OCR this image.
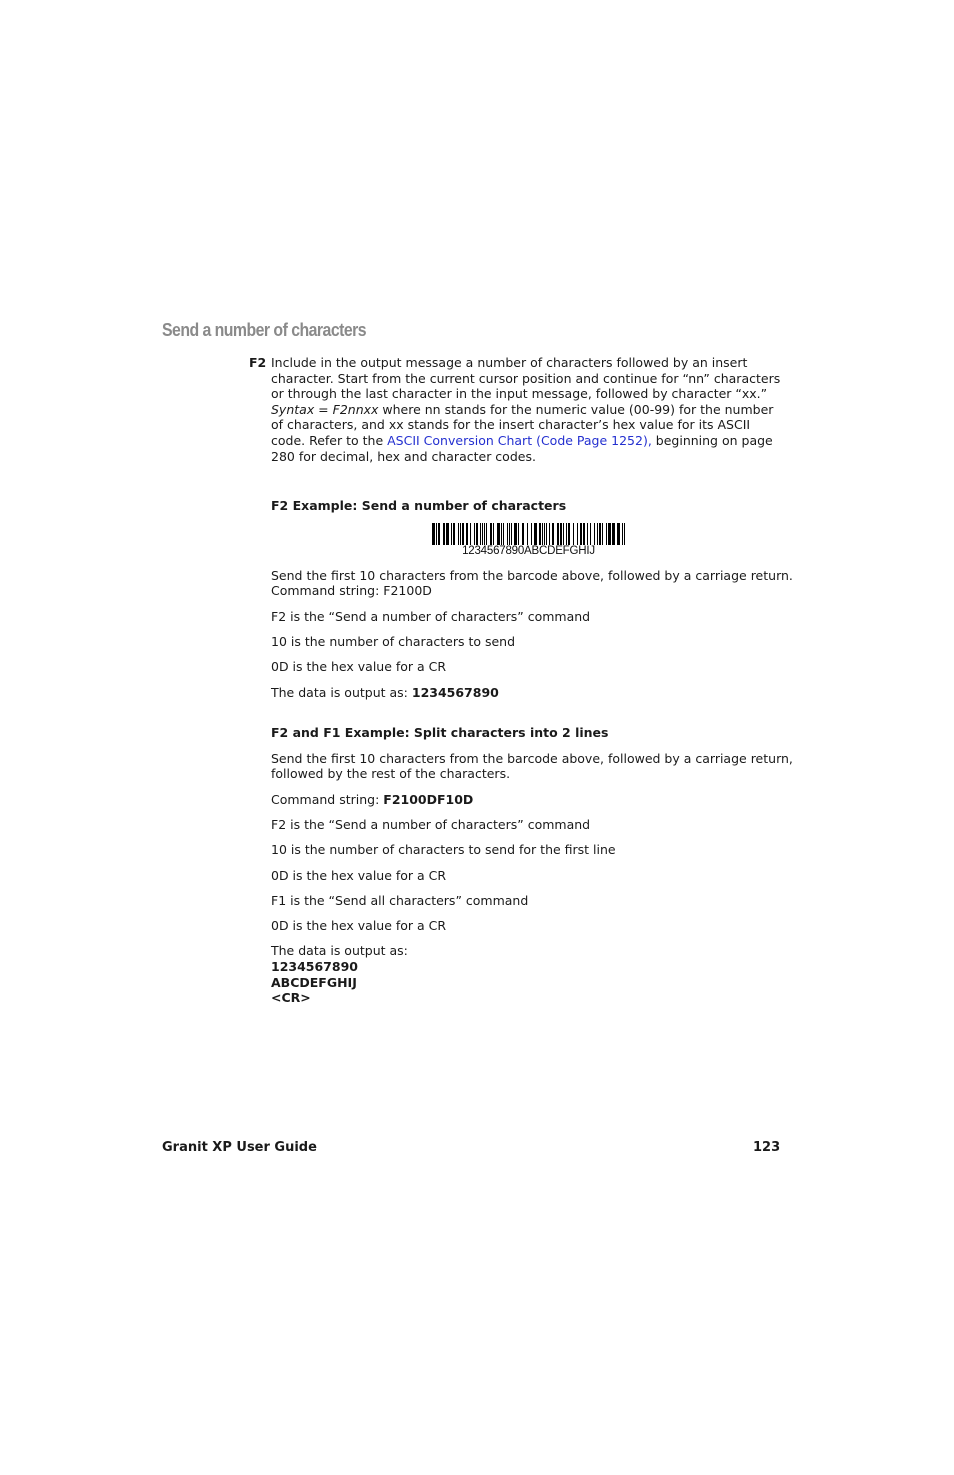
Send a number of characters
F2 Include in the output message a number of characters followed by an insert character. Start from the current cursor position and continue for “nn” characters or through the last character in the input message, followed by character “xx.” Syntax = F2nnxx where nn stands for the numeric value (00-99) for the number of characters, and xx stands for the insert character’s hex value for its ASCII code. Refer to the ASCII Conversion Chart (Code Page 1252), beginning on page 280 for decimal, hex and character codes.
F2 Example: Send a number of characters
1234567890ABCDEFGHIJ
Send the first 10 characters from the barcode above, followed by a carriage return.
Command string: F2100D
F2 is the “Send a number of characters” command
10 is the number of characters to send
0D is the hex value for a CR
The data is output as: 1234567890
F2 and F1 Example: Split characters into 2 lines
Send the first 10 characters from the barcode above, followed by a carriage return,
followed by the rest of the characters.
Command string: F2100DF10D
F2 is the “Send a number of characters” command
10 is the number of characters to send for the first line
0D is the hex value for a CR
F1 is the “Send all characters” command
0D is the hex value for a CR
The data is output as:
1234567890
ABCDEFGHIJ
<CR>
Granit XP User Guide	123
